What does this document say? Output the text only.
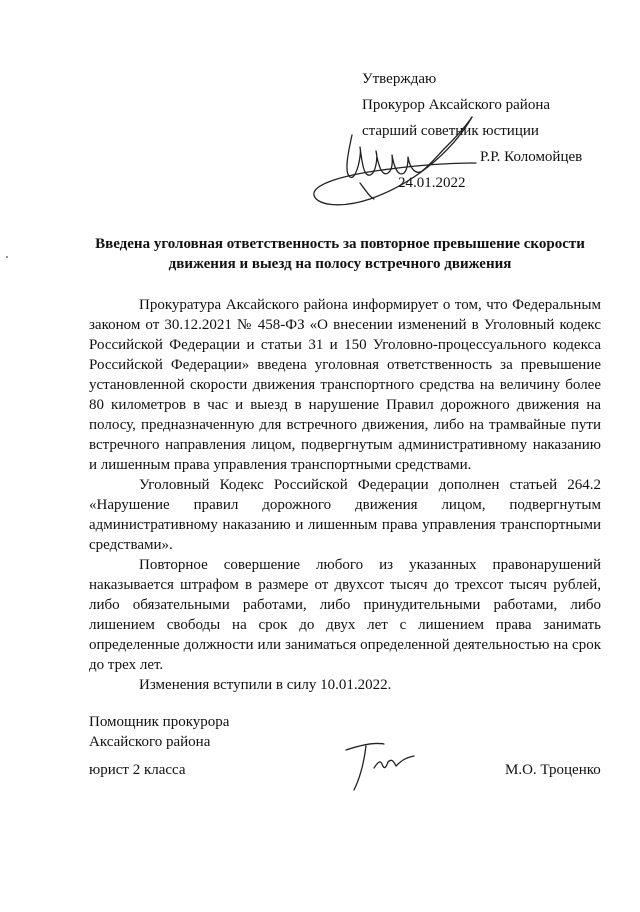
Утверждаю
Прокурор Аксайского района
старший советник юстиции

Р.Р. Коломойцев

24.01.2022
Введена уголовная ответственность за повторное превышение скорости движения и выезд на полосу встречного движения

Прокуратура Аксайского района информирует о том, что Федеральным законом от 30.12.2021 № 458-ФЗ «О внесении изменений в Уголовный кодекс Российской Федерации и статьи 31 и 150 Уголовно-процессуального кодекса Российской Федерации» введена уголовная ответственность за превышение установленной скорости движения транспортного средства на величину более 80 километров в час и выезд в нарушение Правил дорожного движения на полосу, предназначенную для встречного движения, либо на трамвайные пути встречного направления лицом, подвергнутым административному наказанию и лишенным права управления транспортными средствами.

Уголовный Кодекс Российской Федерации дополнен статьей 264.2 «Нарушение правил дорожного движения лицом, подвергнутым административному наказанию и лишенным права управления транспортными средствами».

Повторное совершение любого из указанных правонарушений наказывается штрафом в размере от двухсот тысяч до трехсот тысяч рублей, либо обязательными работами, либо принудительными работами, либо лишением свободы на срок до двух лет с лишением права занимать определенные должности или заниматься определенной деятельностью на срок до трех лет.

Изменения вступили в силу 10.01.2022.

Помощник прокурора
Аксайского района
юрист 2 класса	М.О. Троценко
